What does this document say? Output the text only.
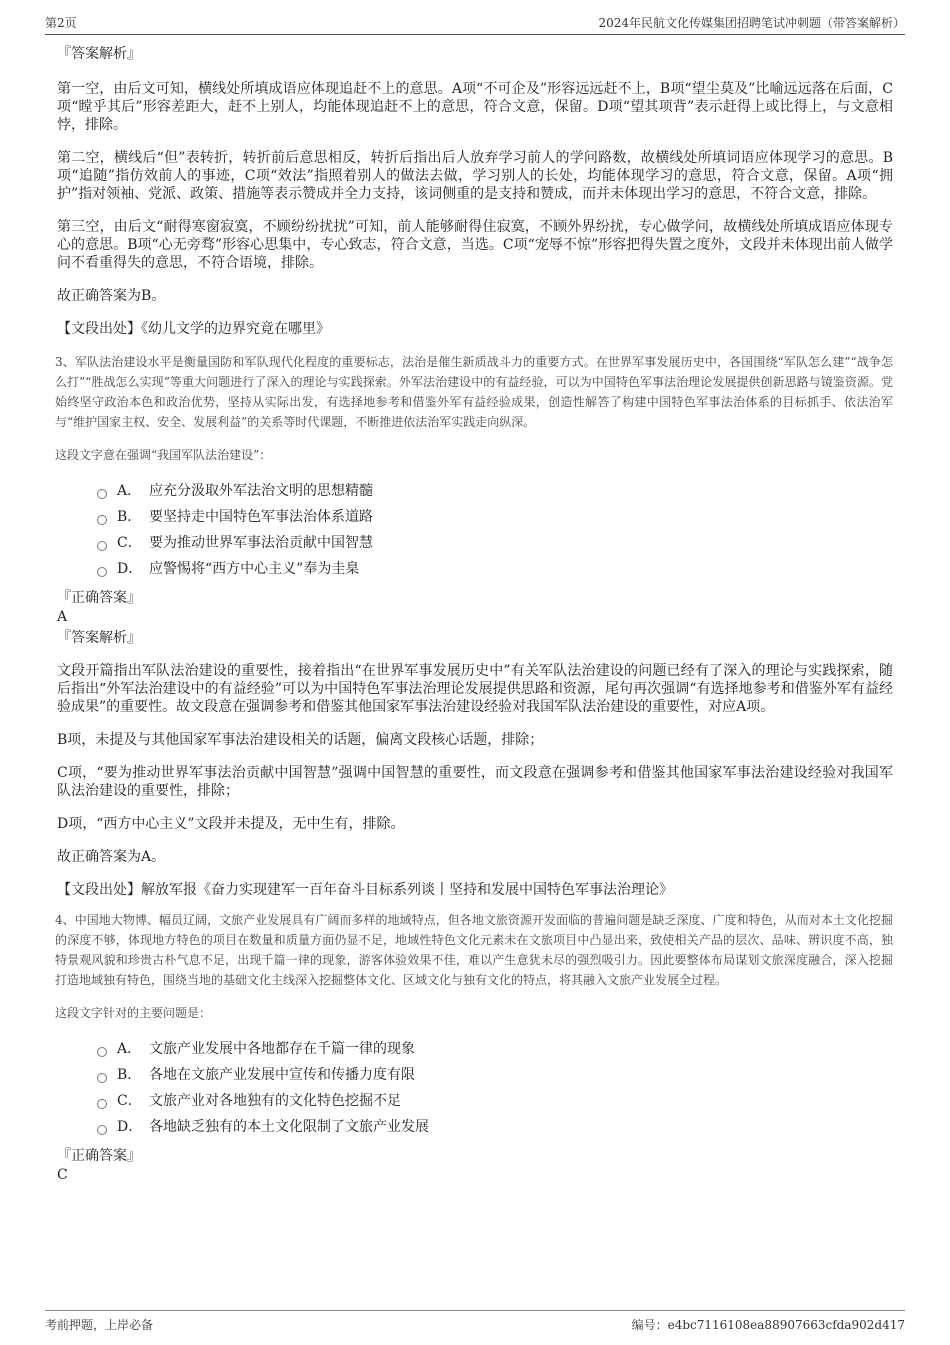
第2页	2024年民航文化传媒集团招聘笔试冲刺题（带答案解析）

『答案解析』

第一空，由后文可知，横线处所填成语应体现追赶不上的意思。A项“不可企及”形容远远赶不上，B项“望尘莫及”比喻远远落在后面，C项“瞠乎其后”形容差距大，赶不上别人，均能体现追赶不上的意思，符合文意，保留。D项“望其项背”表示赶得上或比得上，与文意相悖，排除。

第二空，横线后“但”表转折，转折前后意思相反，转折后指出后人放弃学习前人的学问路数，故横线处所填词语应体现学习的意思。B项“追随”指仿效前人的事迹，C项“效法”指照着别人的做法去做，学习别人的长处，均能体现学习的意思，符合文意，保留。A项“拥护”指对领袖、党派、政策、措施等表示赞成并全力支持，该词侧重的是支持和赞成，而并未体现出学习的意思，不符合文意，排除。

第三空，由后文“耐得寒窗寂寞，不顾纷纷扰扰”可知，前人能够耐得住寂寞，不顾外界纷扰，专心做学问，故横线处所填成语应体现专心的意思。B项“心无旁骛”形容心思集中，专心致志，符合文意，当选。C项“宠辱不惊”形容把得失置之度外，文段并未体现出前人做学问不看重得失的意思，不符合语境，排除。

故正确答案为B。

【文段出处】《幼儿文学的边界究竟在哪里》

3、军队法治建设水平是衡量国防和军队现代化程度的重要标志，法治是催生新质战斗力的重要方式。在世界军事发展历史中，各国围绕“军队怎么建”“战争怎么打”“胜战怎么实现”等重大问题进行了深入的理论与实践探索。外军法治建设中的有益经验，可以为中国特色军事法治理论发展提供创新思路与镜鉴资源。党始终坚守政治本色和政治优势，坚持从实际出发，有选择地参考和借鉴外军有益经验成果，创造性解答了构建中国特色军事法治体系的目标抓手、依法治军与“维护国家主权、安全、发展利益”的关系等时代课题，不断推进依法治军实践走向纵深。

这段文字意在强调“我国军队法治建设”：

A． 应充分汲取外军法治文明的思想精髓
B． 要坚持走中国特色军事法治体系道路
C． 要为推动世界军事法治贡献中国智慧
D． 应警惕将“西方中心主义”奉为圭臬

『正确答案』

A

『答案解析』

文段开篇指出军队法治建设的重要性，接着指出“在世界军事发展历史中”有关军队法治建设的问题已经有了深入的理论与实践探索，随后指出“外军法治建设中的有益经验”可以为中国特色军事法治理论发展提供思路和资源，尾句再次强调“有选择地参考和借鉴外军有益经验成果”的重要性。故文段意在强调参考和借鉴其他国家军事法治建设经验对我国军队法治建设的重要性，对应A项。

B项，未提及与其他国家军事法治建设相关的话题，偏离文段核心话题，排除；

C项，“要为推动世界军事法治贡献中国智慧”强调中国智慧的重要性，而文段意在强调参考和借鉴其他国家军事法治建设经验对我国军队法治建设的重要性，排除；

D项，“西方中心主义”文段并未提及，无中生有，排除。

故正确答案为A。

【文段出处】解放军报《奋力实现建军一百年奋斗目标系列谈丨坚持和发展中国特色军事法治理论》

4、中国地大物博、幅员辽阔，文旅产业发展具有广阔而多样的地域特点，但各地文旅资源开发面临的普遍问题是缺乏深度、广度和特色，从而对本土文化挖掘的深度不够，体现地方特色的项目在数量和质量方面仍显不足，地域性特色文化元素未在文旅项目中凸显出来，致使相关产品的层次、品味、辨识度不高，独特景观风貌和珍贵古朴气息不足，出现千篇一律的现象，游客体验效果不佳，难以产生意犹未尽的强烈吸引力。因此要整体布局谋划文旅深度融合，深入挖掘打造地域独有特色，围绕当地的基础文化主线深入挖掘整体文化、区域文化与独有文化的特点，将其融入文旅产业发展全过程。

这段文字针对的主要问题是：

A． 文旅产业发展中各地都存在千篇一律的现象
B． 各地在文旅产业发展中宣传和传播力度有限
C． 文旅产业对各地独有的文化特色挖掘不足
D． 各地缺乏独有的本土文化限制了文旅产业发展

『正确答案』

C

考前押题，上岸必备	编号：e4bc7116108ea88907663cfda902d417
